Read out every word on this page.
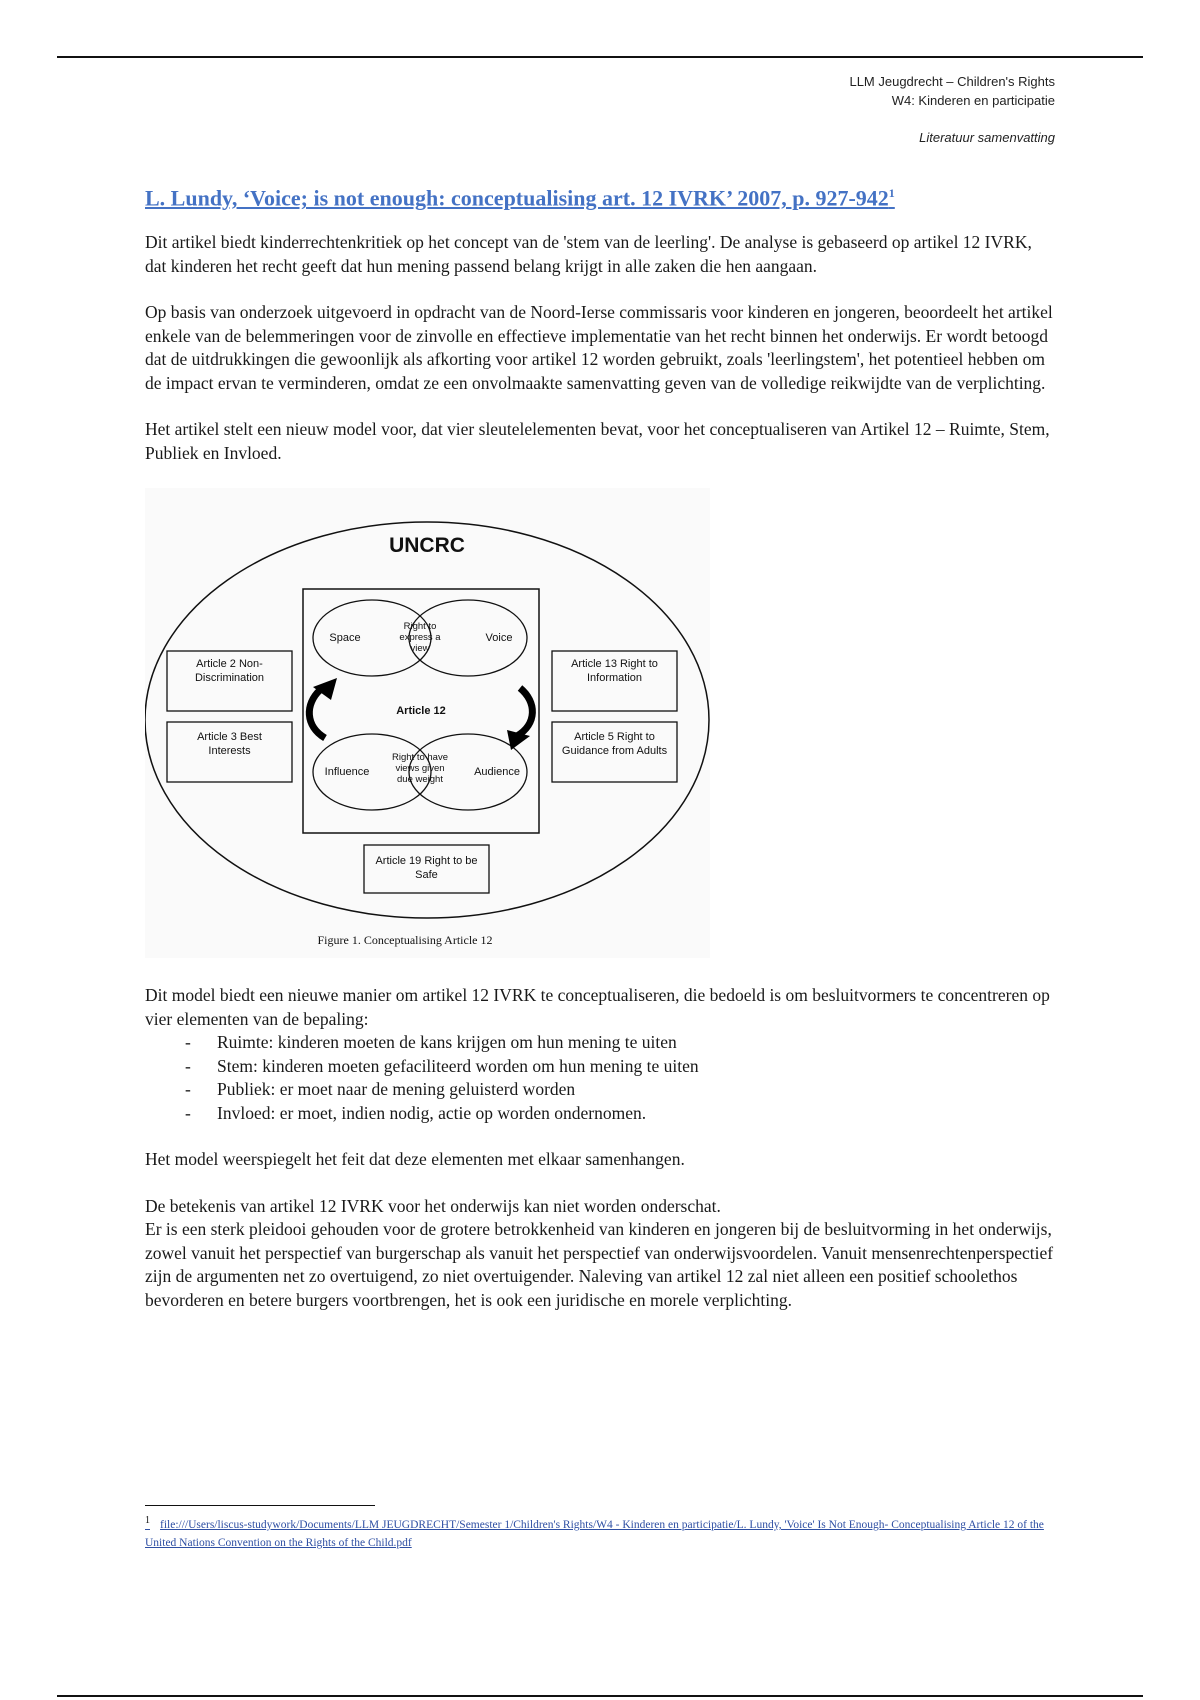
LLM Jeugdrecht – Children's Rights
W4: Kinderen en participatie
Literatuur samenvatting
L. Lundy, ‘Voice; is not enough: conceptualising art. 12 IVRK’ 2007, p. $927-942^1$

Dit artikel biedt kinderrechtenkritiek op het concept van de 'stem van de leerling'. De analyse is gebaseerd op artikel 12 IVRK, dat kinderen het recht geeft dat hun mening passend belang krijgt in alle zaken die hen aangaan.

Op basis van onderzoek uitgevoerd in opdracht van de Noord-Ierse commissaris voor kinderen en jongeren, beoordeelt het artikel enkele van de belemmeringen voor de zinvolle en effectieve implementatie van het recht binnen het onderwijs. Er wordt betoogd dat de uitdrukkingen die gewoonlijk als afkorting voor artikel 12 worden gebruikt, zoals 'leerlingstem', het potentieel hebben om de impact ervan te verminderen, omdat ze een onvolmaakte samenvatting geven van de volledige reikwijdte van de verplichting.

Het artikel stelt een nieuw model voor, dat vier sleutelelementen bevat, voor het conceptualiseren van Artikel 12 – Ruimte, Stem, Publiek en Invloed.

UNCRC
Space	Voice
Right to express a view
Article 12
Influence	Audience
Right to have views given due weight
Article 2 Non-Discrimination
Article 3 Best Interests
Article 13 Right to Information
Article 5 Right to Guidance from Adults
Article 19 Right to be Safe
Figure 1. Conceptualising Article 12

Dit model biedt een nieuwe manier om artikel 12 IVRK te conceptualiseren, die bedoeld is om besluitvormers te concentreren op vier elementen van de bepaling:

- Ruimte: kinderen moeten de kans krijgen om hun mening te uiten
- Stem: kinderen moeten gefaciliteerd worden om hun mening te uiten
- Publiek: er moet naar de mening geluisterd worden
- Invloed: er moet, indien nodig, actie op worden ondernomen.

Het model weerspiegelt het feit dat deze elementen met elkaar samenhangen.

De betekenis van artikel 12 IVRK voor het onderwijs kan niet worden onderschat.

Er is een sterk pleidooi gehouden voor de grotere betrokkenheid van kinderen en jongeren bij de besluitvorming in het onderwijs, zowel vanuit het perspectief van burgerschap als vanuit het perspectief van onderwijsvoordelen. Vanuit mensenrechtenperspectief zijn de argumenten net zo overtuigend, zo niet overtuigender. Naleving van artikel 12 zal niet alleen een positief schoolethos bevorderen en betere burgers voortbrengen, het is ook een juridische en morele verplichting.

$^1$ file:///Users/liscus-studywork/Documents/LLM JEUGDRECHT/Semester 1/Children's Rights/W4 - Kinderen en participatie/L. Lundy, 'Voice' Is Not Enough- Conceptualising Article 12 of the United Nations Convention on the Rights of the Child.pdf
